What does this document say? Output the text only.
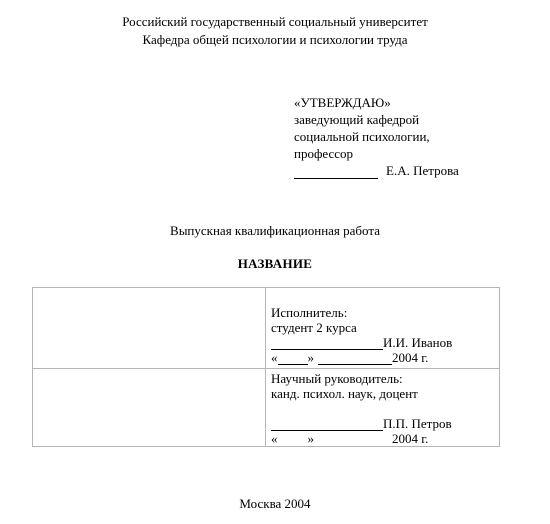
Российский государственный социальный университет
Кафедра общей психологии и психологии труда
«УТВЕРЖДАЮ»
заведующий кафедрой
социальной психологии,
профессор
Е.А. Петрова
Выпускная квалификационная работа
НАЗВАНИЕ
Исполнитель:
студент 2 курса
И.И. Иванов
« »	2004 г.
Научный руководитель:
канд. психол. наук, доцент
П.П. Петров
« »	2004 г.
Москва 2004
